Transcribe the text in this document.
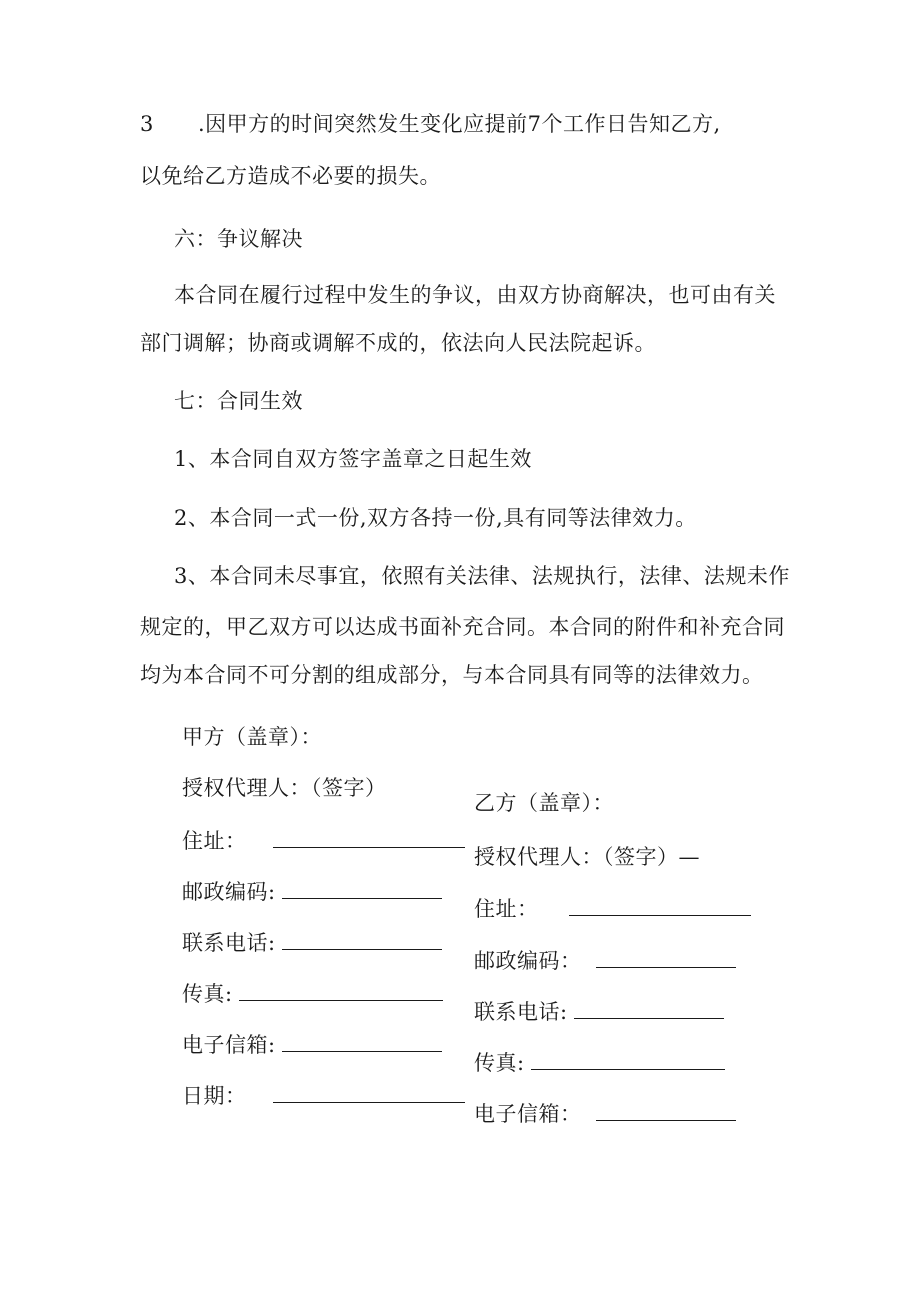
3 .因甲方的时间突然发生变化应提前7个工作日告知乙方,
以免给乙方造成不必要的损失。
六：争议解决
本合同在履行过程中发生的争议，由双方协商解决，也可由有关
部门调解；协商或调解不成的，依法向人民法院起诉。
七：合同生效
1、本合同自双方签字盖章之日起生效
2、本合同一式一份,双方各持一份,具有同等法律效力。
3、本合同未尽事宜，依照有关法律、法规执行，法律、法规未作
规定的，甲乙双方可以达成书面补充合同。本合同的附件和补充合同
均为本合同不可分割的组成部分，与本合同具有同等的法律效力。
甲方（盖章）：
授权代理人：（签字）
住址：
邮政编码:
联系电话:
传真:
电子信箱:
日期：
乙方（盖章）：
授权代理人：（签字）—
住址：
邮政编码：
联系电话:
传真:
电子信箱：
